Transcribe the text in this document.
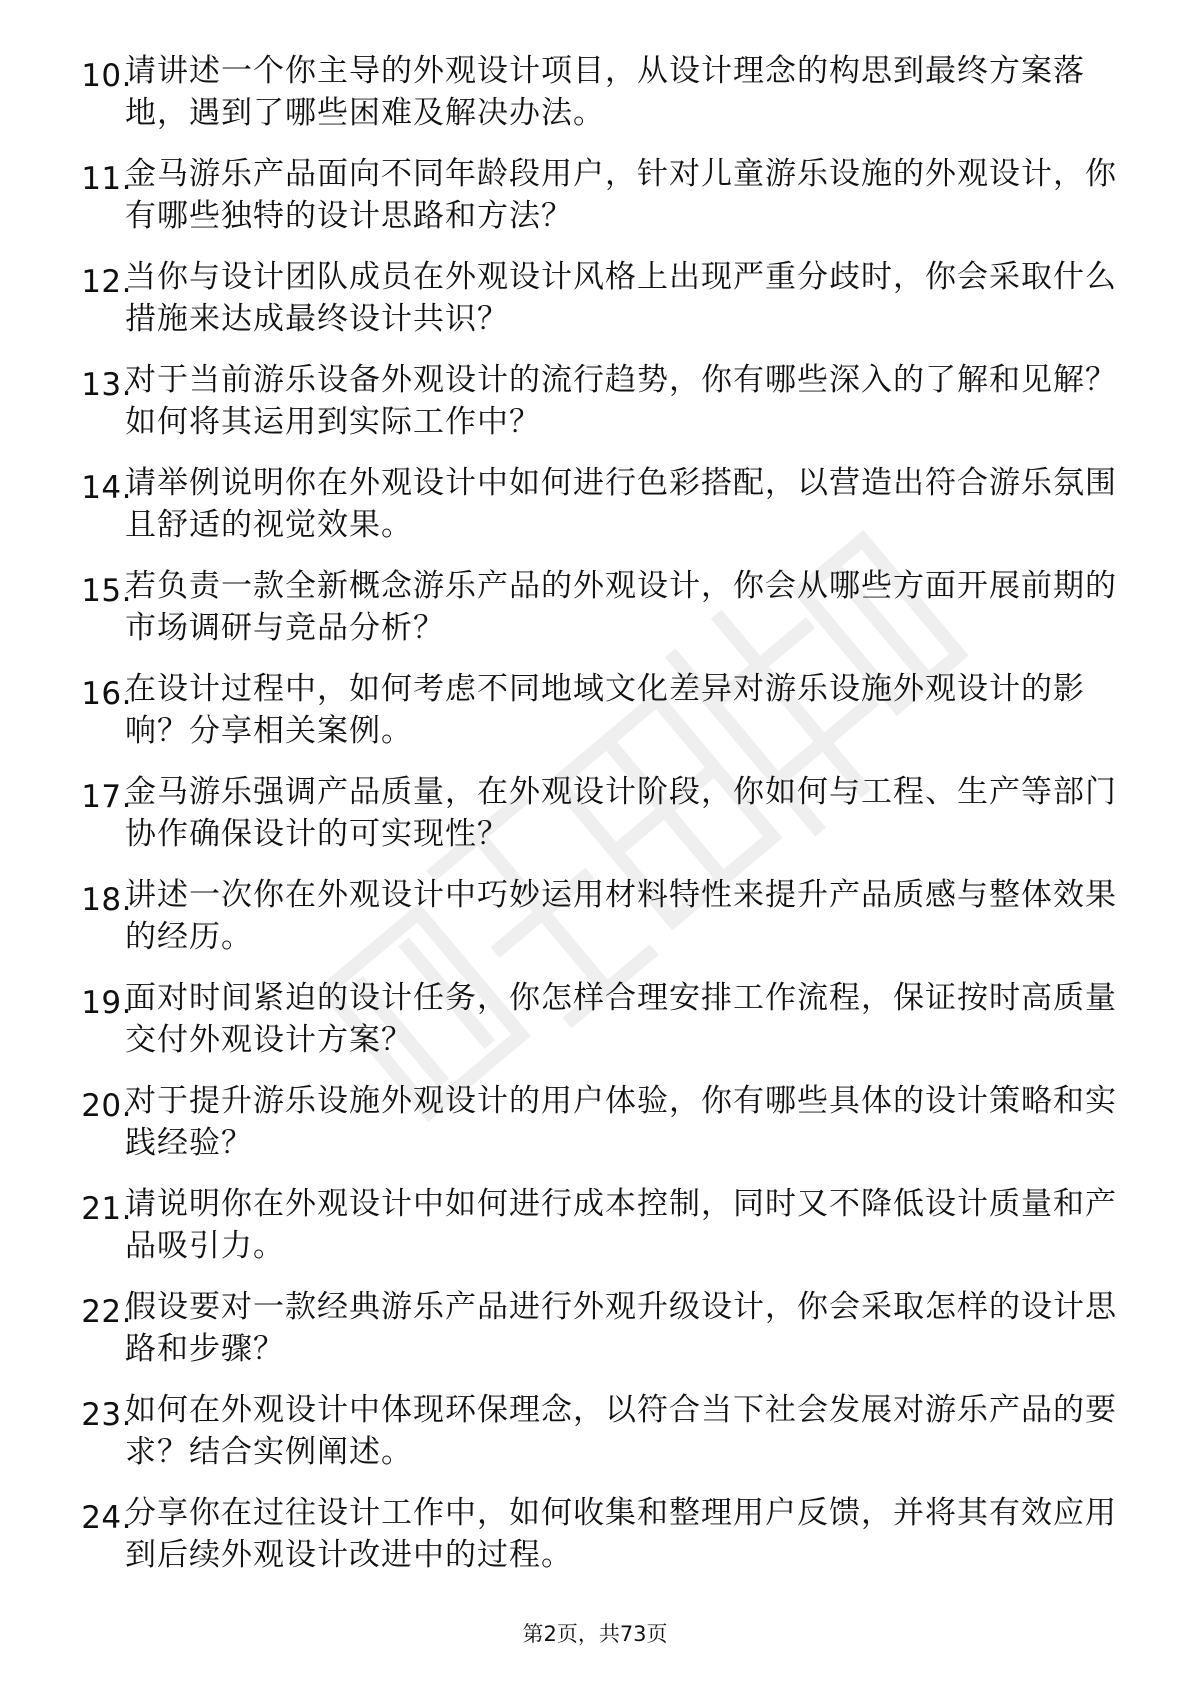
10.
请讲述一个你主导的外观设计项目，从设计理念的构思到最终方案落地，遇到了哪些困难及解决办法。
11.
金马游乐产品面向不同年龄段用户，针对儿童游乐设施的外观设计，你有哪些独特的设计思路和方法？
12.
当你与设计团队成员在外观设计风格上出现严重分歧时，你会采取什么措施来达成最终设计共识？
13.
对于当前游乐设备外观设计的流行趋势，你有哪些深入的了解和见解？如何将其运用到实际工作中？
14.
请举例说明你在外观设计中如何进行色彩搭配，以营造出符合游乐氛围且舒适的视觉效果。
15.
若负责一款全新概念游乐产品的外观设计，你会从哪些方面开展前期的市场调研与竞品分析？
16.
在设计过程中，如何考虑不同地域文化差异对游乐设施外观设计的影响？分享相关案例。
17.
金马游乐强调产品质量，在外观设计阶段，你如何与工程、生产等部门协作确保设计的可实现性？
18.
讲述一次你在外观设计中巧妙运用材料特性来提升产品质感与整体效果的经历。
19.
面对时间紧迫的设计任务，你怎样合理安排工作流程，保证按时高质量交付外观设计方案？
20.
对于提升游乐设施外观设计的用户体验，你有哪些具体的设计策略和实践经验？
21.
请说明你在外观设计中如何进行成本控制，同时又不降低设计质量和产品吸引力。
22.
假设要对一款经典游乐产品进行外观升级设计，你会采取怎样的设计思路和步骤？
23.
如何在外观设计中体现环保理念，以符合当下社会发展对游乐产品的要求？结合实例阐述。
24.
分享你在过往设计工作中，如何收集和整理用户反馈，并将其有效应用到后续外观设计改进中的过程。
第2页，共73页
